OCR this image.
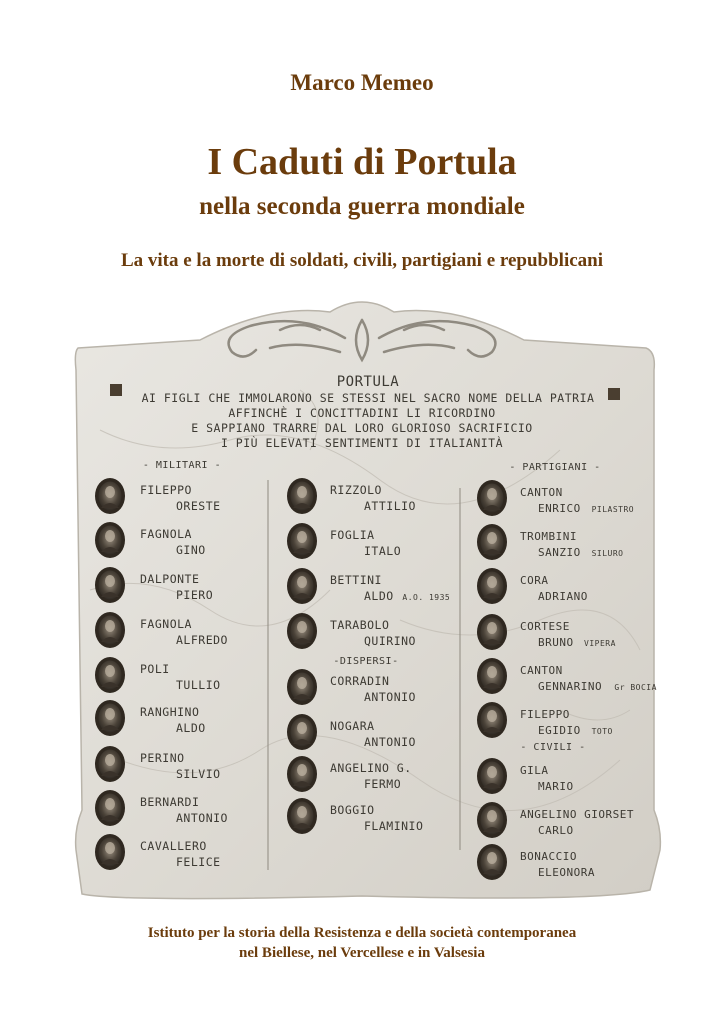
Marco Memeo
I Caduti di Portula
nella seconda guerra mondiale
La vita e la morte di soldati, civili, partigiani e repubblicani
PORTULA
AI FIGLI CHE IMMOLARONO SE STESSI NEL SACRO NOME DELLA PATRIA
AFFINCHÈ I CONCITTADINI LI RICORDINO
E SAPPIANO TRARRE DAL LORO GLORIOSO SACRIFICIO
I PIÙ ELEVATI SENTIMENTI DI ITALIANITÀ
- MILITARI -
-DISPERSI-
- PARTIGIANI -
- CIVILI -
FILEPPO
ORESTE
FAGNOLA
GINO
DALPONTE
PIERO
FAGNOLA
ALFREDO
POLI
TULLIO
RANGHINO
ALDO
PERINO
SILVIO
BERNARDI
ANTONIO
CAVALLERO
FELICE
RIZZOLO
ATTILIO
FOGLIA
ITALO
BETTINI
ALDO A.O. 1935
TARABOLO
QUIRINO
CORRADIN
ANTONIO
NOGARA
ANTONIO
ANGELINO G.
FERMO
BOGGIO
FLAMINIO
CANTON
ENRICO PILASTRO
TROMBINI
SANZIO SILURO
CORA
ADRIANO
CORTESE
BRUNO VIPERA
CANTON
GENNARINO Gr BOCIA
FILEPPO
EGIDIO TOTO
GILA
MARIO
ANGELINO GIORSET
CARLO
BONACCIO
ELEONORA
Istituto per la storia della Resistenza e della società contemporanea
nel Biellese, nel Vercellese e in Valsesia
